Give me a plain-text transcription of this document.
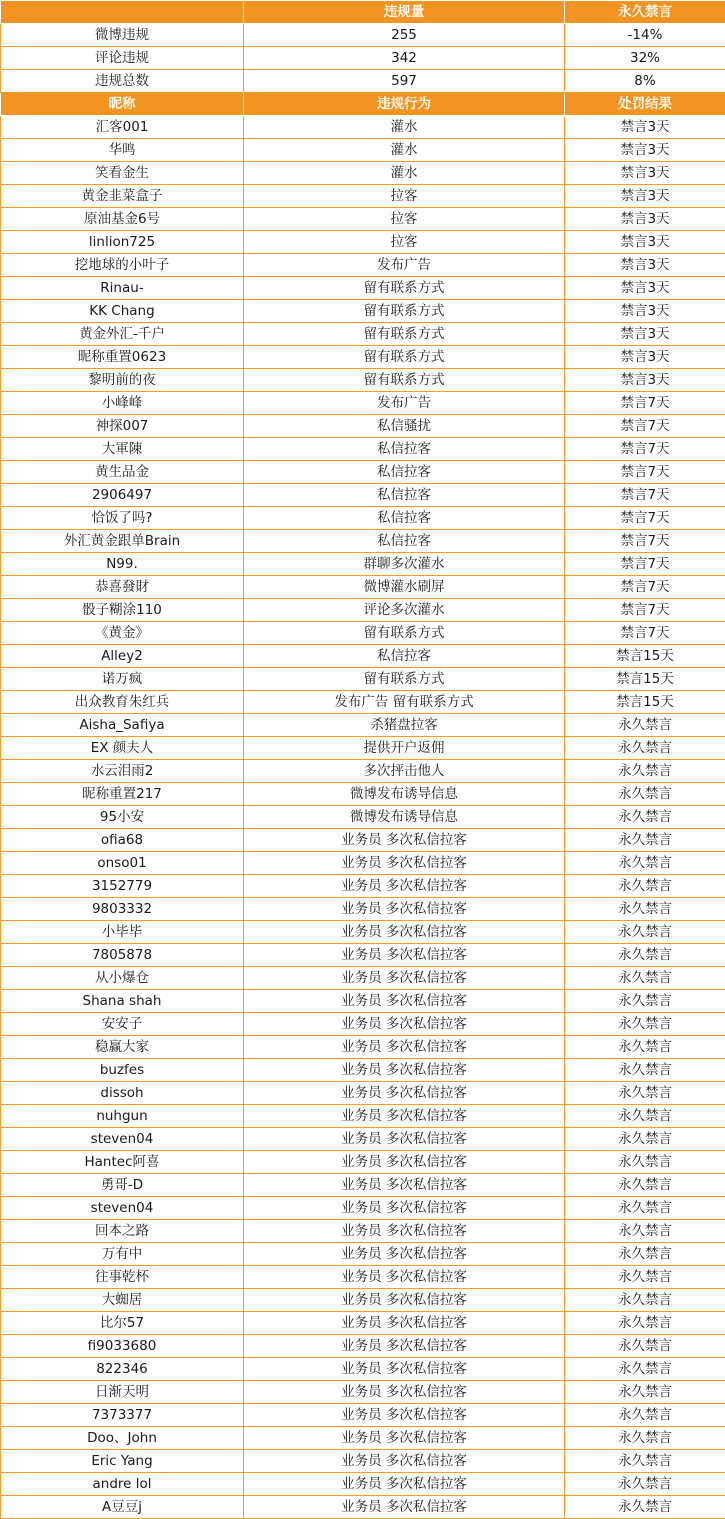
	违规量	永久禁言
微博违规	255	-14%
评论违规	342	32%
违规总数	597	8%
昵称	违规行为	处罚结果
汇客001	灌水	禁言3天
华鸣	灌水	禁言3天
笑看金生	灌水	禁言3天
黄金韭菜盒子	拉客	禁言3天
原油基金6号	拉客	禁言3天
linlion725	拉客	禁言3天
挖地球的小叶子	发布广告	禁言3天
Rinau-	留有联系方式	禁言3天
KK Chang	留有联系方式	禁言3天
黄金外汇-千户	留有联系方式	禁言3天
昵称重置0623	留有联系方式	禁言3天
黎明前的夜	留有联系方式	禁言3天
小峰峰	发布广告	禁言7天
神探007	私信骚扰	禁言7天
大軍陳	私信拉客	禁言7天
黄生品金	私信拉客	禁言7天
2906497	私信拉客	禁言7天
恰饭了吗?	私信拉客	禁言7天
外汇黄金跟单Brain	私信拉客	禁言7天
N99.	群聊多次灌水	禁言7天
恭喜發財	微博灌水刷屏	禁言7天
骰子糊涂110	评论多次灌水	禁言7天
《黄金》	留有联系方式	禁言7天
Alley2	私信拉客	禁言15天
诺万疯	留有联系方式	禁言15天
出众教育朱红兵	发布广告 留有联系方式	禁言15天
Aisha_Safiya	杀猪盘拉客	永久禁言
EX 颜夫人	提供开户返佣	永久禁言
水云泪雨2	多次抨击他人	永久禁言
昵称重置217	微博发布诱导信息	永久禁言
95小安	微博发布诱导信息	永久禁言
ofia68	业务员 多次私信拉客	永久禁言
onso01	业务员 多次私信拉客	永久禁言
3152779	业务员 多次私信拉客	永久禁言
9803332	业务员 多次私信拉客	永久禁言
小毕毕	业务员 多次私信拉客	永久禁言
7805878	业务员 多次私信拉客	永久禁言
从小爆仓	业务员 多次私信拉客	永久禁言
Shana shah	业务员 多次私信拉客	永久禁言
安安子	业务员 多次私信拉客	永久禁言
稳赢大家	业务员 多次私信拉客	永久禁言
buzfes	业务员 多次私信拉客	永久禁言
dissoh	业务员 多次私信拉客	永久禁言
nuhgun	业务员 多次私信拉客	永久禁言
steven04	业务员 多次私信拉客	永久禁言
Hantec阿喜	业务员 多次私信拉客	永久禁言
勇哥-D	业务员 多次私信拉客	永久禁言
steven04	业务员 多次私信拉客	永久禁言
回本之路	业务员 多次私信拉客	永久禁言
万有中	业务员 多次私信拉客	永久禁言
往事乾杯	业务员 多次私信拉客	永久禁言
大蜘居	业务员 多次私信拉客	永久禁言
比尔57	业务员 多次私信拉客	永久禁言
fi9033680	业务员 多次私信拉客	永久禁言
822346	业务员 多次私信拉客	永久禁言
日渐天明	业务员 多次私信拉客	永久禁言
7373377	业务员 多次私信拉客	永久禁言
Doo、John	业务员 多次私信拉客	永久禁言
Eric Yang	业务员 多次私信拉客	永久禁言
andre lol	业务员 多次私信拉客	永久禁言
A豆豆j	业务员 多次私信拉客	永久禁言
